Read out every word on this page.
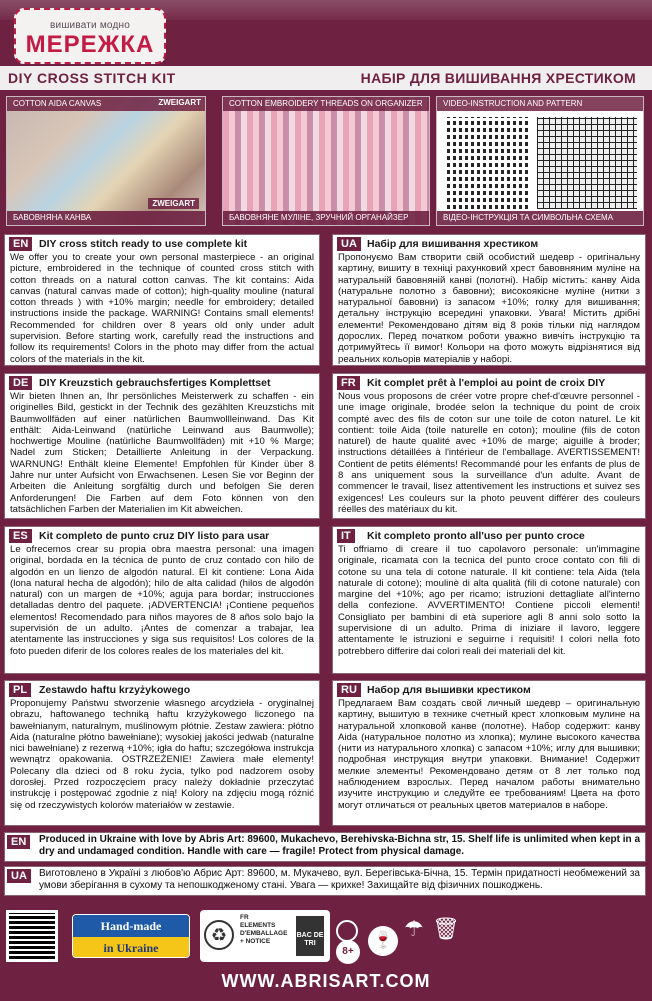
вишивати модно
МЕРЕЖКА
DIY CROSS STITCH KIT	НАБІР ДЛЯ ВИШИВАННЯ ХРЕСТИКОМ
COTTON AIDA CANVAS	ZWEIGART
ZWEIGART
БАВОВНЯНА КАНВА
COTTON EMBROIDERY THREADS ON ORGANIZER
БАВОВНЯНЕ МУЛІНЕ, ЗРУЧНИЙ ОРГАНАЙЗЕР
VIDEO-INSTRUCTION AND PATTERN
ВІДЕО-ІНСТРУКЦІЯ ТА СИМВОЛЬНА СХЕМА
EN	DIY cross stitch ready to use complete kit
We offer you to create your own personal masterpiece - an original picture, embroidered in the technique of counted cross stitch with cotton threads on a natural cotton canvas. The kit contains: Aida canvas (natural canvas made of cotton); high-quality mouline (natural cotton threads ) with +10% margin; needle for embroidery; detailed instructions inside the package. WARNING! Contains small elements! Recommended for children over 8 years old only under adult supervision. Before starting work, carefully read the instructions and follow its requirements! Colors in the photo may differ from the actual colors of the materials in the kit.
UA Набір для вишивання хрестиком
Пропонуємо Вам створити свій особистий шедевр - оригінальну картину, вишиту в техніці рахунковий хрест бавовняним муліне на натуральній бавовняній канві (полотні). Набір містить: канву Aida (натуральне полотно з бавовни); високоякісне муліне (нитки з натуральної бавовни) із запасом +10%; голку для вишивання; детальну інструкцію всередині упаковки. Увага! Містить дрібні елементи! Рекомендовано дітям від 8 років тільки під наглядом дорослих. Перед початком роботи уважно вивчіть інструкцію та дотримуйтесь її вимог! Кольори на фото можуть відрізнятися від реальних кольорів матеріалів у наборі.
DE	DIY Kreuzstich gebrauchsfertiges Komplettset
Wir bieten Ihnen an, Ihr persönliches Meisterwerk zu schaffen - ein originelles Bild, gestickt in der Technik des gezählten Kreuzstichs mit Baumwollfäden auf einer natürlichen Baumwollleinwand. Das Kit enthält: Aida-Leinwand (natürliche Leinwand aus Baumwolle); hochwertige Mouline (natürliche Baumwollfäden) mit +10 % Marge; Nadel zum Sticken; Detaillierte Anleitung in der Verpackung. WARNUNG! Enthält kleine Elemente! Empfohlen für Kinder über 8 Jahre nur unter Aufsicht von Erwachsenen. Lesen Sie vor Beginn der Arbeiten die Anleitung sorgfältig durch und befolgen Sie deren Anforderungen! Die Farben auf dem Foto können von den tatsächlichen Farben der Materialien im Kit abweichen.
FR	Kit complet prêt à l'emploi au point de croix DIY
Nous vous proposons de créer votre propre chef-d'œuvre personnel - une image originale, brodée selon la technique du point de croix compté avec des fils de coton sur une toile de coton naturel. Le kit contient: toile Aida (toile naturelle en coton); mouline (fils de coton naturel) de haute qualité avec +10% de marge; aiguille à broder; instructions détaillées à l'intérieur de l'emballage. AVERTISSEMENT! Contient de petits éléments! Recommandé pour les enfants de plus de 8 ans uniquement sous la surveillance d'un adulte. Avant de commencer le travail, lisez attentivement les instructions et suivez ses exigences! Les couleurs sur la photo peuvent différer des couleurs réelles des matériaux du kit.
ES	Kit completo de punto cruz DIY listo para usar
Le ofrecemos crear su propia obra maestra personal: una imagen original, bordada en la técnica de punto de cruz contado con hilo de algodón en un lienzo de algodón natural. El kit contiene: Lona Aida (lona natural hecha de algodón); hilo de alta calidad (hilos de algodón natural) con un margen de +10%; aguja para bordar; instrucciones detalladas dentro del paquete. ¡ADVERTENCIA! ¡Contiene pequeños elementos! Recomendado para niños mayores de 8 años solo bajo la supervisión de un adulto. ¡Antes de comenzar a trabajar, lea atentamente las instrucciones y siga sus requisitos! Los colores de la foto pueden diferir de los colores reales de los materiales del kit.
IT	Kit completo pronto all'uso per punto croce
Ti offriamo di creare il tuo capolavoro personale: un'immagine originale, ricamata con la tecnica del punto croce contato con fili di cotone su una tela di cotone naturale. Il kit contiene: tela Aida (tela naturale di cotone); moulinè di alta qualità (fili di cotone naturale) con margine del +10%; ago per ricamo; istruzioni dettagliate all'interno della confezione. AVVERTIMENTO! Contiene piccoli elementi! Consigliato per bambini di età superiore agli 8 anni solo sotto la supervisione di un adulto. Prima di iniziare il lavoro, leggere attentamente le istruzioni e seguirne i requisiti! I colori nella foto potrebbero differire dai colori reali dei materiali del kit.
PL	Zestawdo haftu krzyżykowego
Proponujemy Państwu stworzenie własnego arcydzieła - oryginalnej obrazu, haftowanego techniką haftu krzyżykowego liczonego na bawełnianym, naturalnym, muślinowym płótnie. Zestaw zawiera: płótno Aida (naturalne płótno bawełniane); wysokiej jakości jedwab (naturalne nici bawełniane) z rezerwą +10%; igła do haftu; szczegółowa instrukcja wewnątrz opakowania. OSTRZEŻENIE! Zawiera małe elementy! Polecany dla dzieci od 8 roku życia, tylko pod nadzorem osoby dorosłej. Przed rozpoczęciem pracy należy dokładnie przeczytać instrukcję i postępować zgodnie z nią! Kolory na zdjęciu mogą różnić się od rzeczywistych kolorów materiałów w zestawie.
RU Набор для вышивки крестиком
Предлагаем Вам создать свой личный шедевр – оригинальную картину, вышитую в технике счетный крест хлопковым мулине на натуральной хлопковой канве (полотне). Набор содержит: канву Aida (натуральное полотно из хлопка); мулине высокого качества (нити из натурального хлопка) с запасом +10%; иглу для вышивки; подробная инструкция внутри упаковки. Внимание! Содержит мелкие элементы! Рекомендовано детям от 8 лет только под наблюдением взрослых. Перед началом работы внимательно изучите инструкцию и следуйте ее требованиям! Цвета на фото могут отличаться от реальных цветов материалов в наборе.
EN	Produced in Ukraine with love by Abris Art: 89600, Mukachevo, Berehivska-Bichna str, 15. Shelf life is unlimited when kept in a dry and undamaged condition. Handle with care — fragile! Protect from physical damage.
UA	Виготовлено в Україні з любов'ю Абрис Арт: 89600, м. Мукачево, вул. Берегівська-Бічна, 15. Термін придатності необмежений за умови зберігання в сухому та непошкодженому стані. Увага — крихке! Захищайте від фізичних пошкоджень.
Hand-made
in Ukraine
♻
FR
ELEMENTS
D'EMBALLAGE
+ NOTICE
BAC DE TRI
8+
🍷 ☂ 🗑
WWW.ABRISART.COM
